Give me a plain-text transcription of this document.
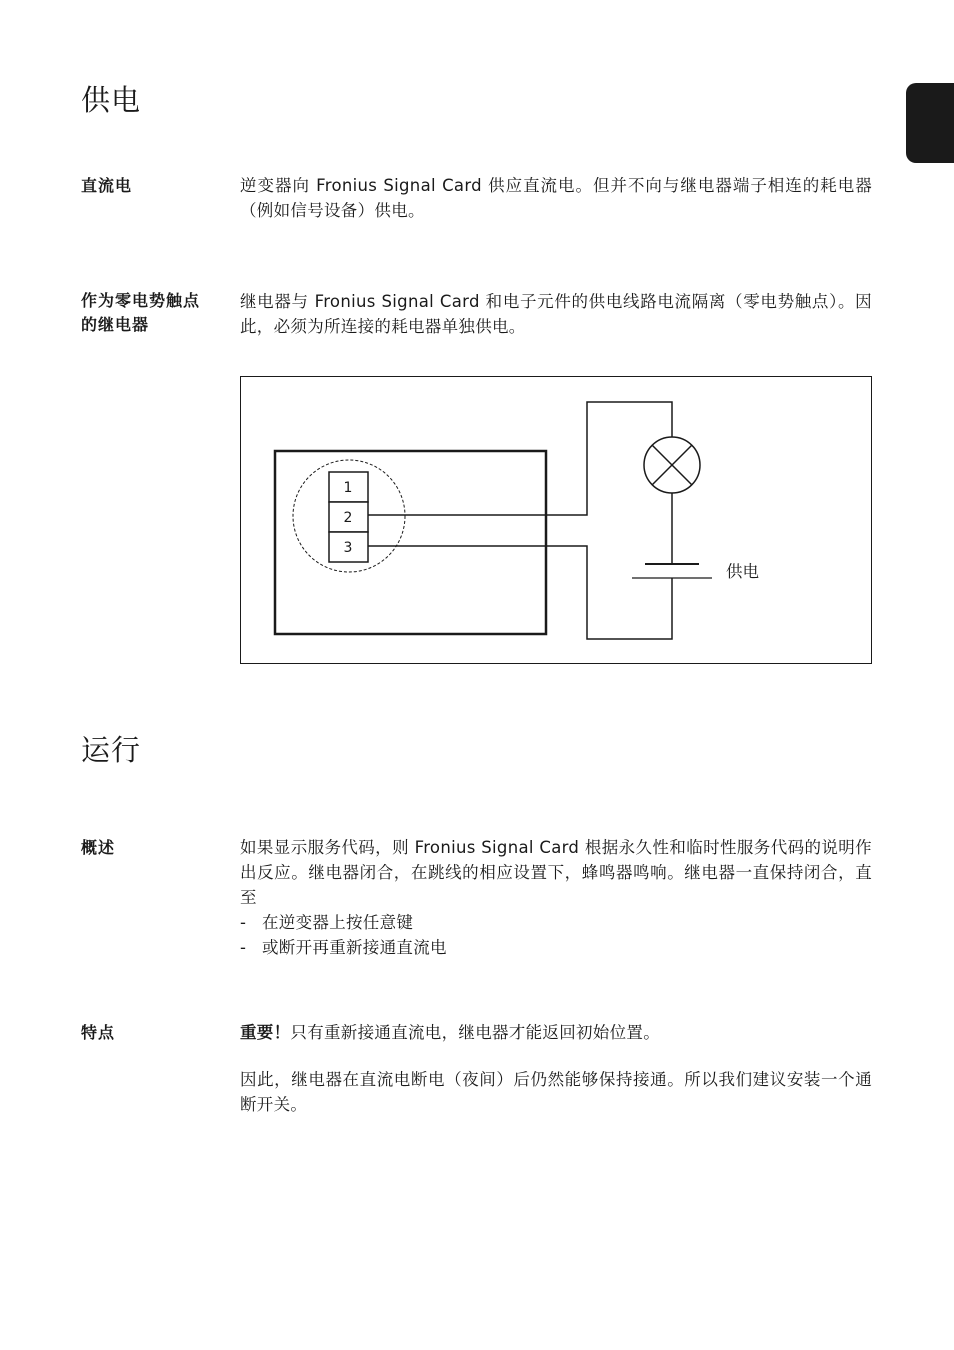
供电
直流电	逆变器向 Fronius Signal Card 供应直流电。但并不向与继电器端子相连的耗电器（例如信号设备）供电。

作为零电势触点
的继电器

继电器与 Fronius Signal Card 和电子元件的供电线路电流隔离（零电势触点）。因此，必须为所连接的耗电器单独供电。

1
2
3
供电
运行
概述	如果显示服务代码，则 Fronius Signal Card 根据永久性和临时性服务代码的说明作出反应。继电器闭合，在跳线的相应设置下，蜂鸣器鸣响。继电器一直保持闭合，直至

- 在逆变器上按任意键
- 或断开再重新接通直流电
特点	重要！只有重新接通直流电，继电器才能返回初始位置。

因此，继电器在直流电断电（夜间）后仍然能够保持接通。所以我们建议安装一个通断开关。
